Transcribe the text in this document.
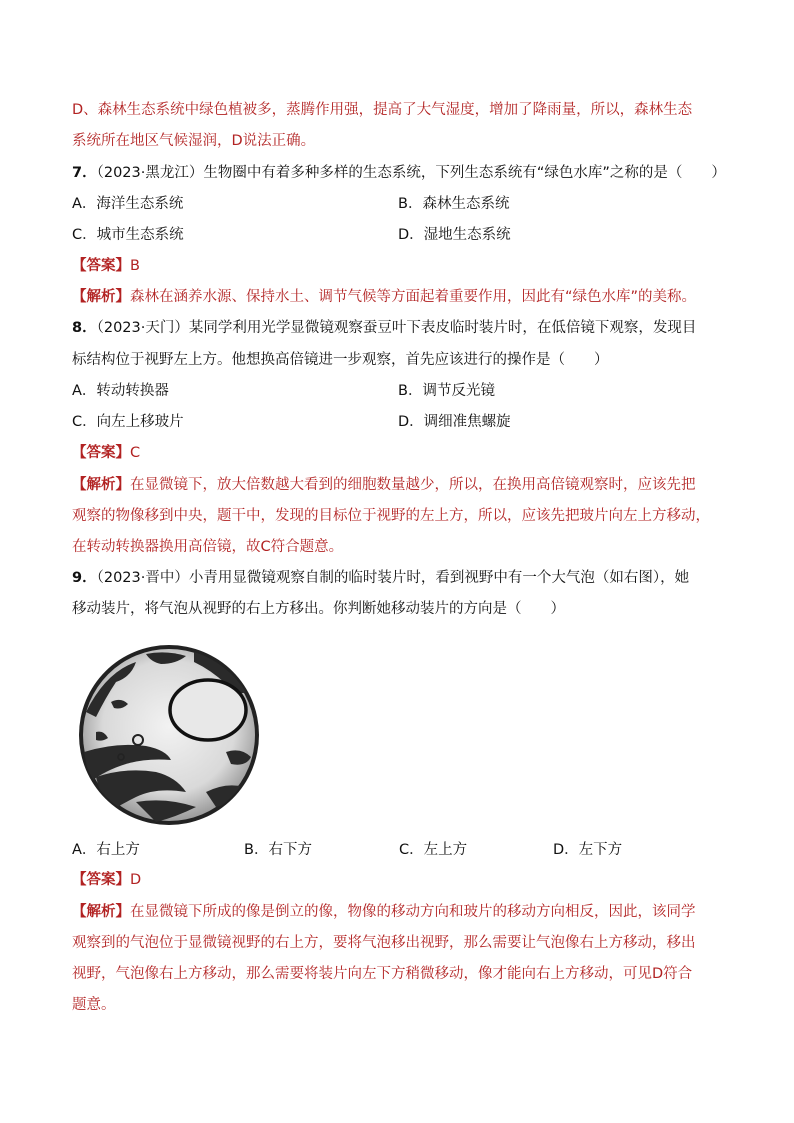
D、森林生态系统中绿色植被多，蒸腾作用强，提高了大气湿度，增加了降雨量，所以，森林生态
系统所在地区气候湿润，D说法正确。
7．（2023·黑龙江）生物圈中有着多种多样的生态系统，下列生态系统有“绿色水库”之称的是（　　）
A．海洋生态系统	B．森林生态系统
C．城市生态系统	D．湿地生态系统
【答案】B
【解析】森林在涵养水源、保持水土、调节气候等方面起着重要作用，因此有“绿色水库”的美称。
8．（2023·天门）某同学利用光学显微镜观察蚕豆叶下表皮临时装片时，在低倍镜下观察，发现目
标结构位于视野左上方。他想换高倍镜进一步观察，首先应该进行的操作是（　　）
A．转动转换器	B．调节反光镜
C．向左上移玻片	D．调细准焦螺旋
【答案】C
【解析】在显微镜下，放大倍数越大看到的细胞数量越少，所以，在换用高倍镜观察时，应该先把
观察的物像移到中央，题干中，发现的目标位于视野的左上方，所以，应该先把玻片向左上方移动，
在转动转换器换用高倍镜，故C符合题意。
9．（2023·晋中）小青用显微镜观察自制的临时装片时，看到视野中有一个大气泡（如右图），她
移动装片，将气泡从视野的右上方移出。你判断她移动装片的方向是（　　）
A．右上方	B．右下方	C．左上方	D．左下方
【答案】D
【解析】在显微镜下所成的像是倒立的像，物像的移动方向和玻片的移动方向相反，因此，该同学
观察到的气泡位于显微镜视野的右上方，要将气泡移出视野，那么需要让气泡像右上方移动，移出
视野，气泡像右上方移动，那么需要将装片向左下方稍微移动，像才能向右上方移动，可见D符合
题意。
